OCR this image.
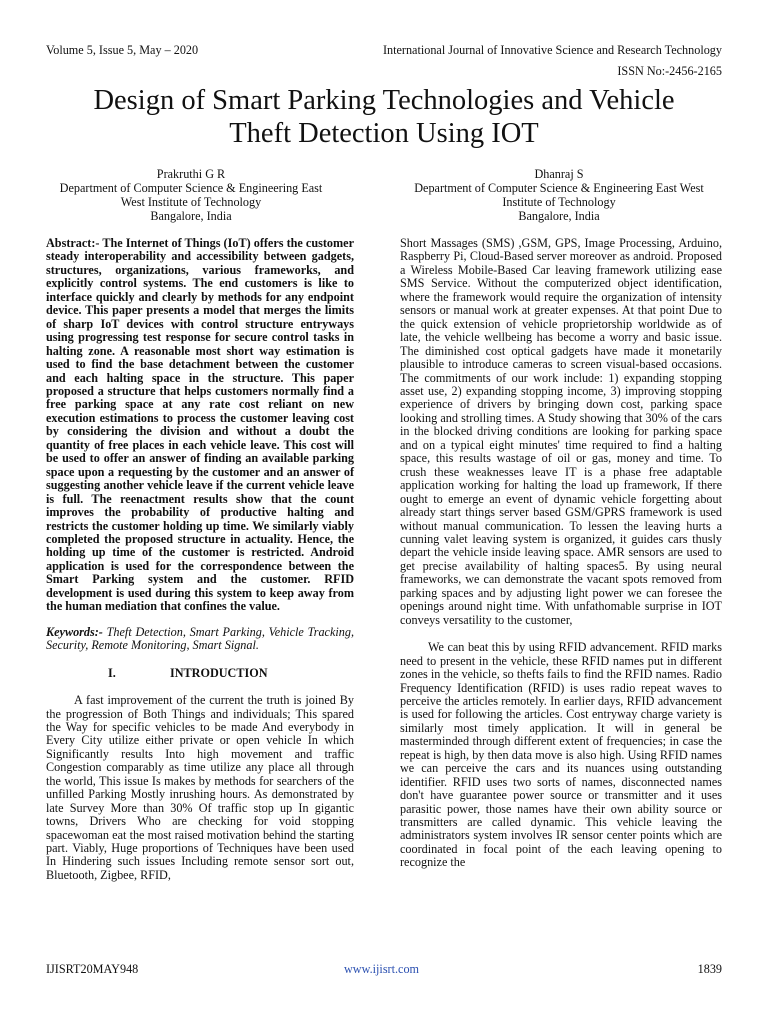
Volume 5, Issue 5, May – 2020	International Journal of Innovative Science and Research Technology
ISSN No:-2456-2165
Design of Smart Parking Technologies and Vehicle
Theft Detection Using IOT
Prakruthi G R
Department of Computer Science & Engineering East
West Institute of Technology
Bangalore, India
Dhanraj S
Department of Computer Science & Engineering East West
Institute of Technology
Bangalore, India

Abstract:- The Internet of Things (IoT) offers the customer steady interoperability and accessibility between gadgets, structures, organizations, various frameworks, and explicitly control systems. The end customers is like to interface quickly and clearly by methods for any endpoint device. This paper presents a model that merges the limits of sharp IoT devices with control structure entryways using progressing test response for secure control tasks in halting zone. A reasonable most short way estimation is used to find the base detachment between the customer and each halting space in the structure. This paper proposed a structure that helps customers normally find a free parking space at any rate cost reliant on new execution estimations to process the customer leaving cost by considering the division and without a doubt the quantity of free places in each vehicle leave. This cost will be used to offer an answer of finding an available parking space upon a requesting by the customer and an answer of suggesting another vehicle leave if the current vehicle leave is full. The reenactment results show that the count improves the probability of productive halting and restricts the customer holding up time. We similarly viably completed the proposed structure in actuality. Hence, the holding up time of the customer is restricted. Android application is used for the correspondence between the Smart Parking system and the customer. RFID development is used during this system to keep away from the human mediation that confines the value.

Keywords:- Theft Detection, Smart Parking, Vehicle Tracking, Security, Remote Monitoring, Smart Signal.

I.	INTRODUCTION

A fast improvement of the current the truth is joined By the progression of Both Things and individuals; This spared the Way for specific vehicles to be made And everybody in Every City utilize either private or open vehicle In which Significantly results Into high movement and traffic Congestion comparably as time utilize any place all through the world, This issue Is makes by methods for searchers of the unfilled Parking Mostly inrushing hours. As demonstrated by late Survey More than 30% Of traffic stop up In gigantic towns, Drivers Who are checking for void stopping spacewoman eat the most raised motivation behind the starting part. Viably, Huge proportions of Techniques have been used In Hindering such issues Including remote sensor sort out, Bluetooth, Zigbee, RFID,

Short Massages (SMS) ,GSM, GPS, Image Processing, Arduino, Raspberry Pi, Cloud-Based server moreover as android. Proposed a Wireless Mobile-Based Car leaving framework utilizing ease SMS Service. Without the computerized object identification, where the framework would require the organization of intensity sensors or manual work at greater expenses. At that point Due to the quick extension of vehicle proprietorship worldwide as of late, the vehicle wellbeing has become a worry and basic issue. The diminished cost optical gadgets have made it monetarily plausible to introduce cameras to screen visual-based occasions. The commitments of our work include: 1) expanding stopping asset use, 2) expanding stopping income, 3) improving stopping experience of drivers by bringing down cost, parking space looking and strolling times. A Study showing that 30% of the cars in the blocked driving conditions are looking for parking space and on a typical eight minutes' time required to find a halting space, this results wastage of oil or gas, money and time. To crush these weaknesses leave IT is a phase free adaptable application working for halting the load up framework, If there ought to emerge an event of dynamic vehicle forgetting about already start things server based GSM/GPRS framework is used without manual communication. To lessen the leaving hurts a cunning valet leaving system is organized, it guides cars thusly depart the vehicle inside leaving space. AMR sensors are used to get precise availability of halting spaces5. By using neural frameworks, we can demonstrate the vacant spots removed from parking spaces and by adjusting light power we can foresee the openings around night time. With unfathomable surprise in IOT conveys versatility to the customer,

We can beat this by using RFID advancement. RFID marks need to present in the vehicle, these RFID names put in different zones in the vehicle, so thefts fails to find the RFID names. Radio Frequency Identification (RFID) is uses radio repeat waves to perceive the articles remotely. In earlier days, RFID advancement is used for following the articles. Cost entryway charge variety is similarly most timely application. It will in general be masterminded through different extent of frequencies; in case the repeat is high, by then data move is also high. Using RFID names we can perceive the cars and its nuances using outstanding identifier. RFID uses two sorts of names, disconnected names don't have guarantee power source or transmitter and it uses parasitic power, those names have their own ability source or transmitters are called dynamic. This vehicle leaving the administrators system involves IR sensor center points which are coordinated in focal point of the each leaving opening to recognize the

IJISRT20MAY948	www.ijisrt.com	1839
